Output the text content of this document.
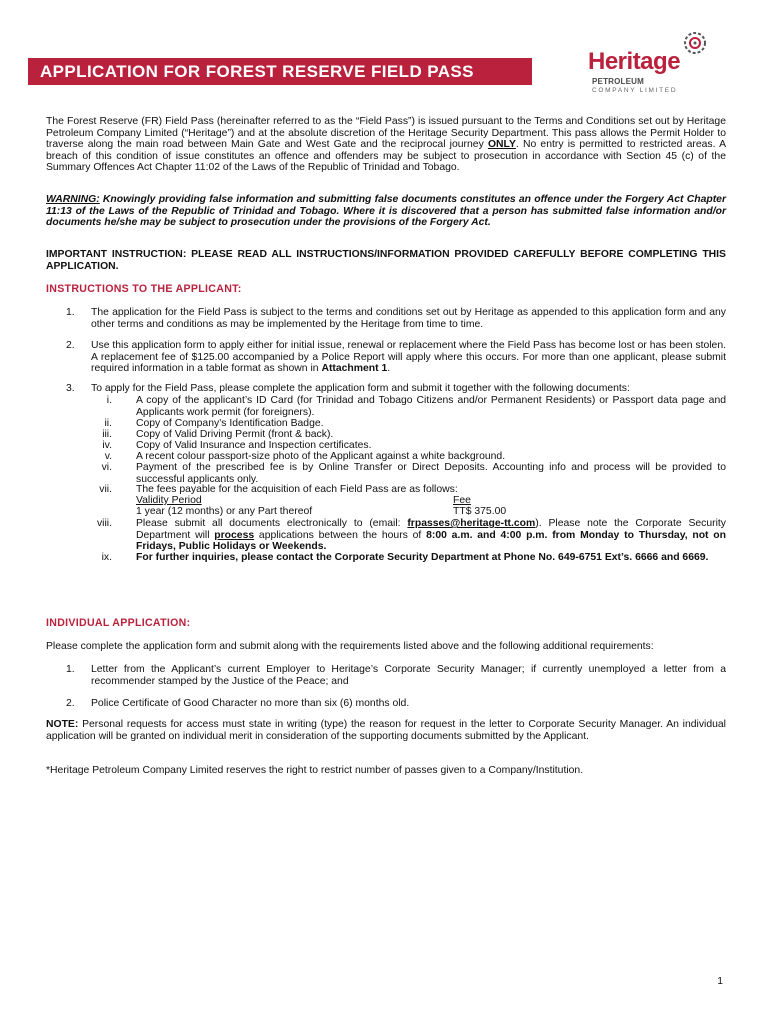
APPLICATION FOR FOREST RESERVE FIELD PASS	Heritage
PETROLEUM
COMPANY LIMITED
The Forest Reserve (FR) Field Pass (hereinafter referred to as the “Field Pass”) is issued pursuant to the Terms and Conditions set out by Heritage Petroleum Company Limited (“Heritage”) and at the absolute discretion of the Heritage Security Department. This pass allows the Permit Holder to traverse along the main road between Main Gate and West Gate and the reciprocal journey ONLY. No entry is permitted to restricted areas. A breach of this condition of issue constitutes an offence and offenders may be subject to prosecution in accordance with Section 45 (c) of the Summary Offences Act Chapter 11:02 of the Laws of the Republic of Trinidad and Tobago.
WARNING: Knowingly providing false information and submitting false documents constitutes an offence under the Forgery Act Chapter 11:13 of the Laws of the Republic of Trinidad and Tobago. Where it is discovered that a person has submitted false information and/or documents he/she may be subject to prosecution under the provisions of the Forgery Act.
IMPORTANT INSTRUCTION: PLEASE READ ALL INSTRUCTIONS/INFORMATION PROVIDED CAREFULLY BEFORE COMPLETING THIS APPLICATION.
INSTRUCTIONS TO THE APPLICANT:
1.	The application for the Field Pass is subject to the terms and conditions set out by Heritage as appended to this application form and any other terms and conditions as may be implemented by the Heritage from time to time.
2.	Use this application form to apply either for initial issue, renewal or replacement where the Field Pass has become lost or has been stolen. A replacement fee of $125.00 accompanied by a Police Report will apply where this occurs. For more than one applicant, please submit required information in a table format as shown in Attachment 1.
3.	To apply for the Field Pass, please complete the application form and submit it together with the following documents:
i. A copy of the applicant’s ID Card (for Trinidad and Tobago Citizens and/or Permanent Residents) or Passport data page and Applicants work permit (for foreigners).
ii. Copy of Company’s Identification Badge.
iii. Copy of Valid Driving Permit (front & back).
iv. Copy of Valid Insurance and Inspection certificates.
v. A recent colour passport-size photo of the Applicant against a white background.
vi. Payment of the prescribed fee is by Online Transfer or Direct Deposits. Accounting info and process will be provided to successful applicants only.
vii. The fees payable for the acquisition of each Field Pass are as follows:
Validity Period	Fee
1 year (12 months) or any Part thereof	TT$ 375.00
viii. Please submit all documents electronically to (email: frpasses@heritage-tt.com). Please note the Corporate Security Department will process applications between the hours of 8:00 a.m. and 4:00 p.m. from Monday to Thursday, not on Fridays, Public Holidays or Weekends.
ix. For further inquiries, please contact the Corporate Security Department at Phone No. 649-6751 Ext’s. 6666 and 6669.
INDIVIDUAL APPLICATION:
Please complete the application form and submit along with the requirements listed above and the following additional requirements:
1.	Letter from the Applicant’s current Employer to Heritage’s Corporate Security Manager; if currently unemployed a letter from a recommender stamped by the Justice of the Peace; and
2.	Police Certificate of Good Character no more than six (6) months old.
NOTE: Personal requests for access must state in writing (type) the reason for request in the letter to Corporate Security Manager. An individual application will be granted on individual merit in consideration of the supporting documents submitted by the Applicant.
*Heritage Petroleum Company Limited reserves the right to restrict number of passes given to a Company/Institution.
1
